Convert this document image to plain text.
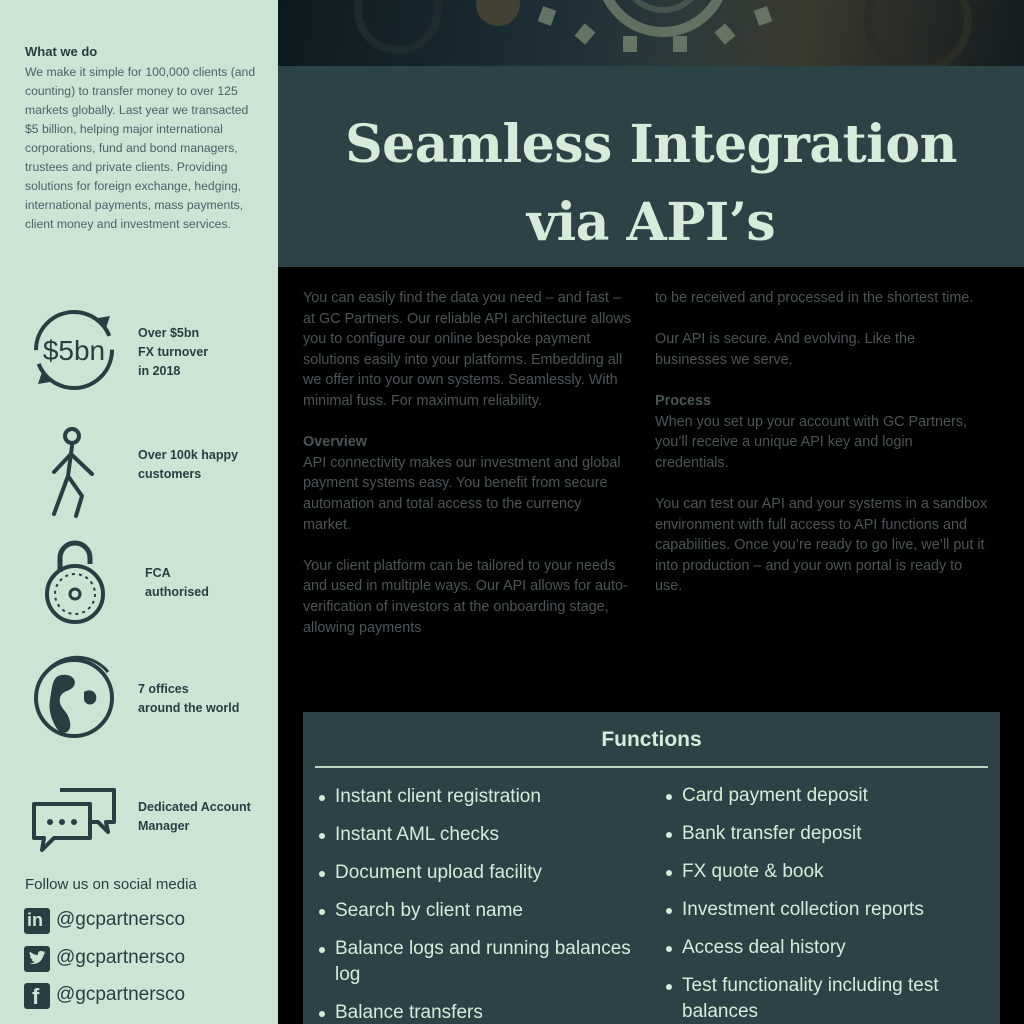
What we do
We make it simple for 100,000 clients (and counting) to transfer money to over 125 markets globally. Last year we transacted $5 billion, helping major international corporations, fund and bond managers, trustees and private clients. Providing solutions for foreign exchange, hedging, international payments, mass payments, client money and investment services.
$5bn
Over $5bn
FX turnover
in 2018
Over 100k happy
customers
FCA
authorised
7 offices
around the world
Dedicated Account
Manager
Follow us on social media
in @gcpartnersco
@gcpartnersco
f @gcpartnersco
Seamless Integration
via API’s

You can easily find the data you need – and fast – at GC Partners. Our reliable API architecture allows you to configure our online bespoke payment solutions easily into your platforms. Embedding all we offer into your own systems. Seamlessly. With minimal fuss. For maximum reliability.

Overview

API connectivity makes our investment and global payment systems easy. You benefit from secure automation and total access to the currency market.

Your client platform can be tailored to your needs and used in multiple ways. Our API allows for auto-verification of investors at the onboarding stage, allowing payments

to be received and processed in the shortest time.

Our API is secure. And evolving. Like the businesses we serve.

Process

When you set up your account with GC Partners, you’ll receive a unique API key and login credentials.

You can test our API and your systems in a sandbox environment with full access to API functions and capabilities. Once you’re ready to go live, we’ll put it into production – and your own portal is ready to use.

Functions
Instant client registration
Instant AML checks
Document upload facility
Search by client name
Balance logs and running balances log
Balance transfers
Card payment deposit
Bank transfer deposit
FX quote & book
Investment collection reports
Access deal history
Test functionality including test balances
